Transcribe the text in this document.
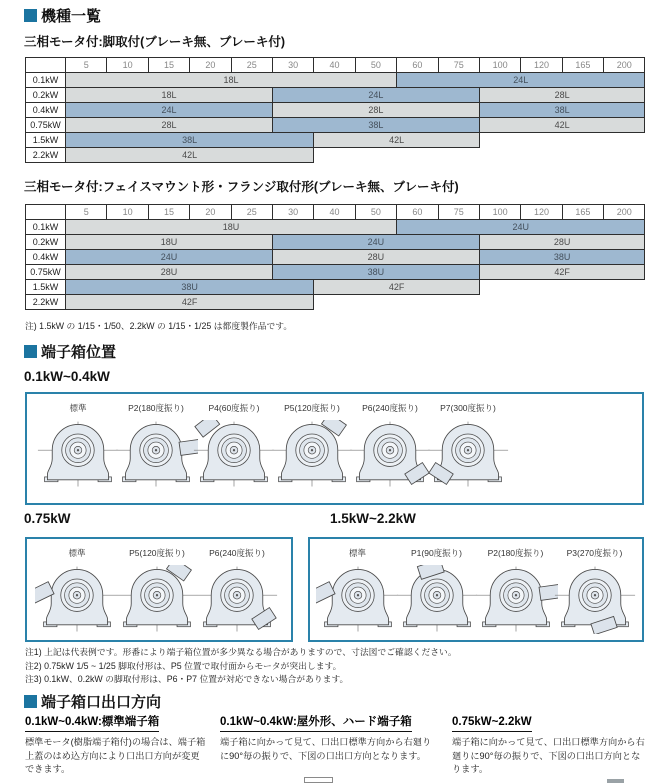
機種一覧
三相モータ付:脚取付(ブレーキ無、ブレーキ付)
	5	10	15	20	25	30	40	50	60	75	100	120	165	200
0.1kW	18L								24L					
0.2kW	18L					24L					28L			
0.4kW	24L					28L					38L			
0.75kW	28L					38L					42L			
1.5kW	38L						42L							
2.2kW	42L													
三相モータ付:フェイスマウント形・フランジ取付形(ブレーキ無、ブレーキ付)
	5	10	15	20	25	30	40	50	60	75	100	120	165	200
0.1kW	18U								24U					
0.2kW	18U					24U					28U			
0.4kW	24U					28U					38U			
0.75kW	28U					38U					42F			
1.5kW	38U						42F							
2.2kW	42F													
注) 1.5kW の 1/15・1/50、2.2kW の 1/15・1/25 は都度製作品です。
端子箱位置
0.1kW~0.4kW
標準	P2(180度振り)	P4(60度振り)	P5(120度振り)	P6(240度振り)	P7(300度振り)
0.75kW	1.5kW~2.2kW
標準	P5(120度振り)	P6(240度振り)	標準	P1(90度振り)	P2(180度振り)	P3(270度振り)
注1) 上記は代表例です。形番により端子箱位置が多少異なる場合がありますので、寸法図でご確認ください。
注2) 0.75kW 1/5 ~ 1/25 脚取付形は、P5 位置で取付面からモータが突出します。
注3) 0.1kW、0.2kW の脚取付形は、P6・P7 位置が対応できない場合があります。
端子箱口出口方向
0.1kW~0.4kW:標準端子箱
標準モータ(樹脂端子箱付)の場合は、端子箱上蓋のはめ込方向により口出口方向が変更できます。
0.1kW~0.4kW:屋外形、ハード端子箱
端子箱に向かって見て、口出口標準方向から右廻りに90°毎の振りで、下図の口出口方向となります。
0.75kW~2.2kW
端子箱に向かって見て、口出口標準方向から右廻りに90°毎の振りで、下図の口出口方向となります。
